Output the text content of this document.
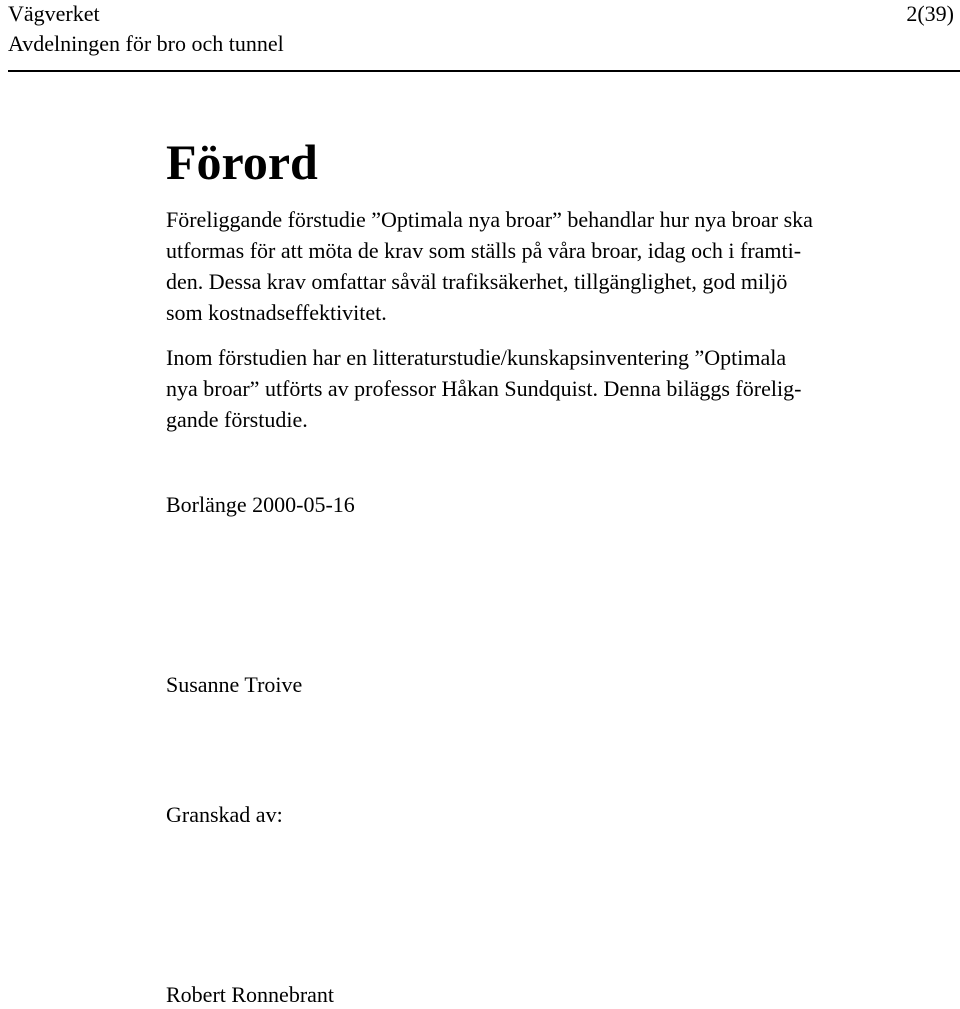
Vägverket
Avdelningen för bro och tunnel
2(39)
Förord

Föreliggande förstudie ”Optimala nya broar” behandlar hur nya broar ska
utformas för att möta de krav som ställs på våra broar, idag och i framti-
den. Dessa krav omfattar såväl trafiksäkerhet, tillgänglighet, god miljö
som kostnadseffektivitet.

Inom förstudien har en litteraturstudie/kunskapsinventering ”Optimala
nya broar” utförts av professor Håkan Sundquist. Denna biläggs förelig-
gande förstudie.

Borlänge 2000-05-16
Susanne Troive
Granskad av:
Robert Ronnebrant
